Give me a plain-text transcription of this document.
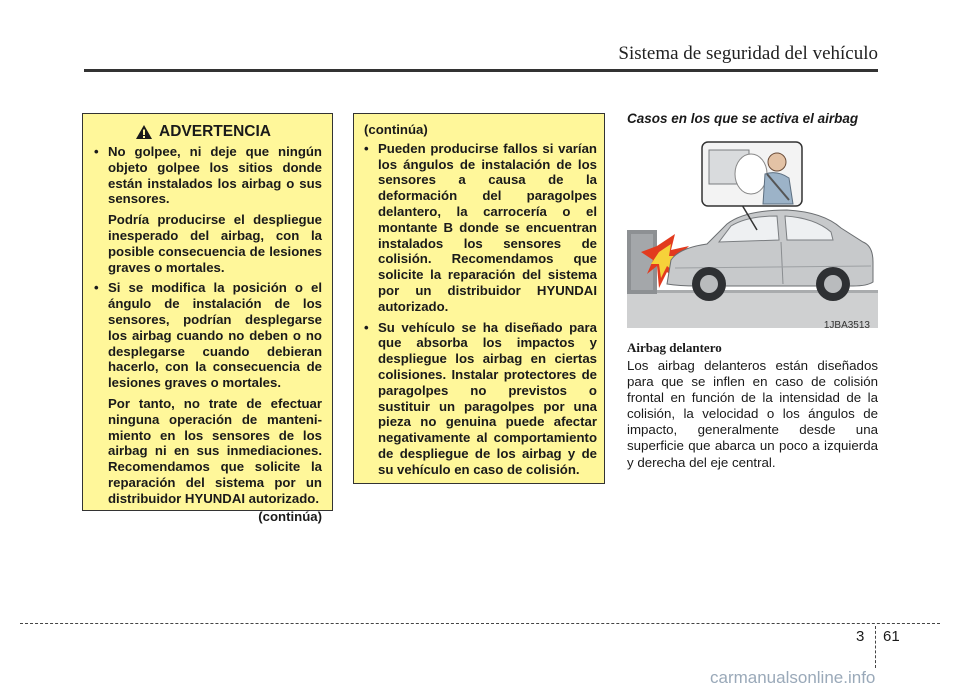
Sistema de seguridad del vehículo
ADVERTENCIA

• No golpee, ni deje que ningún objeto golpee los sitios donde están instalados los airbag o sus sensores.

Podría producirse el despliegue inesperado del airbag, con la posible consecuencia de lesiones graves o mortales.

• Si se modifica la posición o el ángulo de instalación de los sensores, podrían desplegarse los airbag cuando no deben o no desplegarse cuando debieran hacerlo, con la consecuencia de lesiones graves o mortales.

Por tanto, no trate de efectuar ninguna operación de manteni-miento en los sensores de los airbag ni en sus inmediaciones. Recomendamos que solicite la reparación del sistema por un distribuidor HYUNDAI autorizado.

(continúa)
(continúa)

• Pueden producirse fallos si varían los ángulos de instalación de los sensores a causa de la deformación del paragolpes delantero, la carrocería o el montante B donde se encuentran instalados los sensores de colisión. Recomendamos que solicite la reparación del sistema por un distribuidor HYUNDAI autorizado.

• Su vehículo se ha diseñado para que absorba los impactos y despliegue los airbag en ciertas colisiones. Instalar protectores de paragolpes no previstos o sustituir un paragolpes por una pieza no genuina puede afectar negativamente al comportamiento de despliegue de los airbag y de su vehículo en caso de colisión.

Casos en los que se activa el airbag
1JBA3513
Airbag delantero

Los airbag delanteros están diseñados para que se inflen en caso de colisión frontal en función de la intensidad de la colisión, la velocidad o los ángulos de impacto, generalmente desde una superficie que abarca un poco a izquierda y derecha del eje central.

3 61
carmanualsonline.info
